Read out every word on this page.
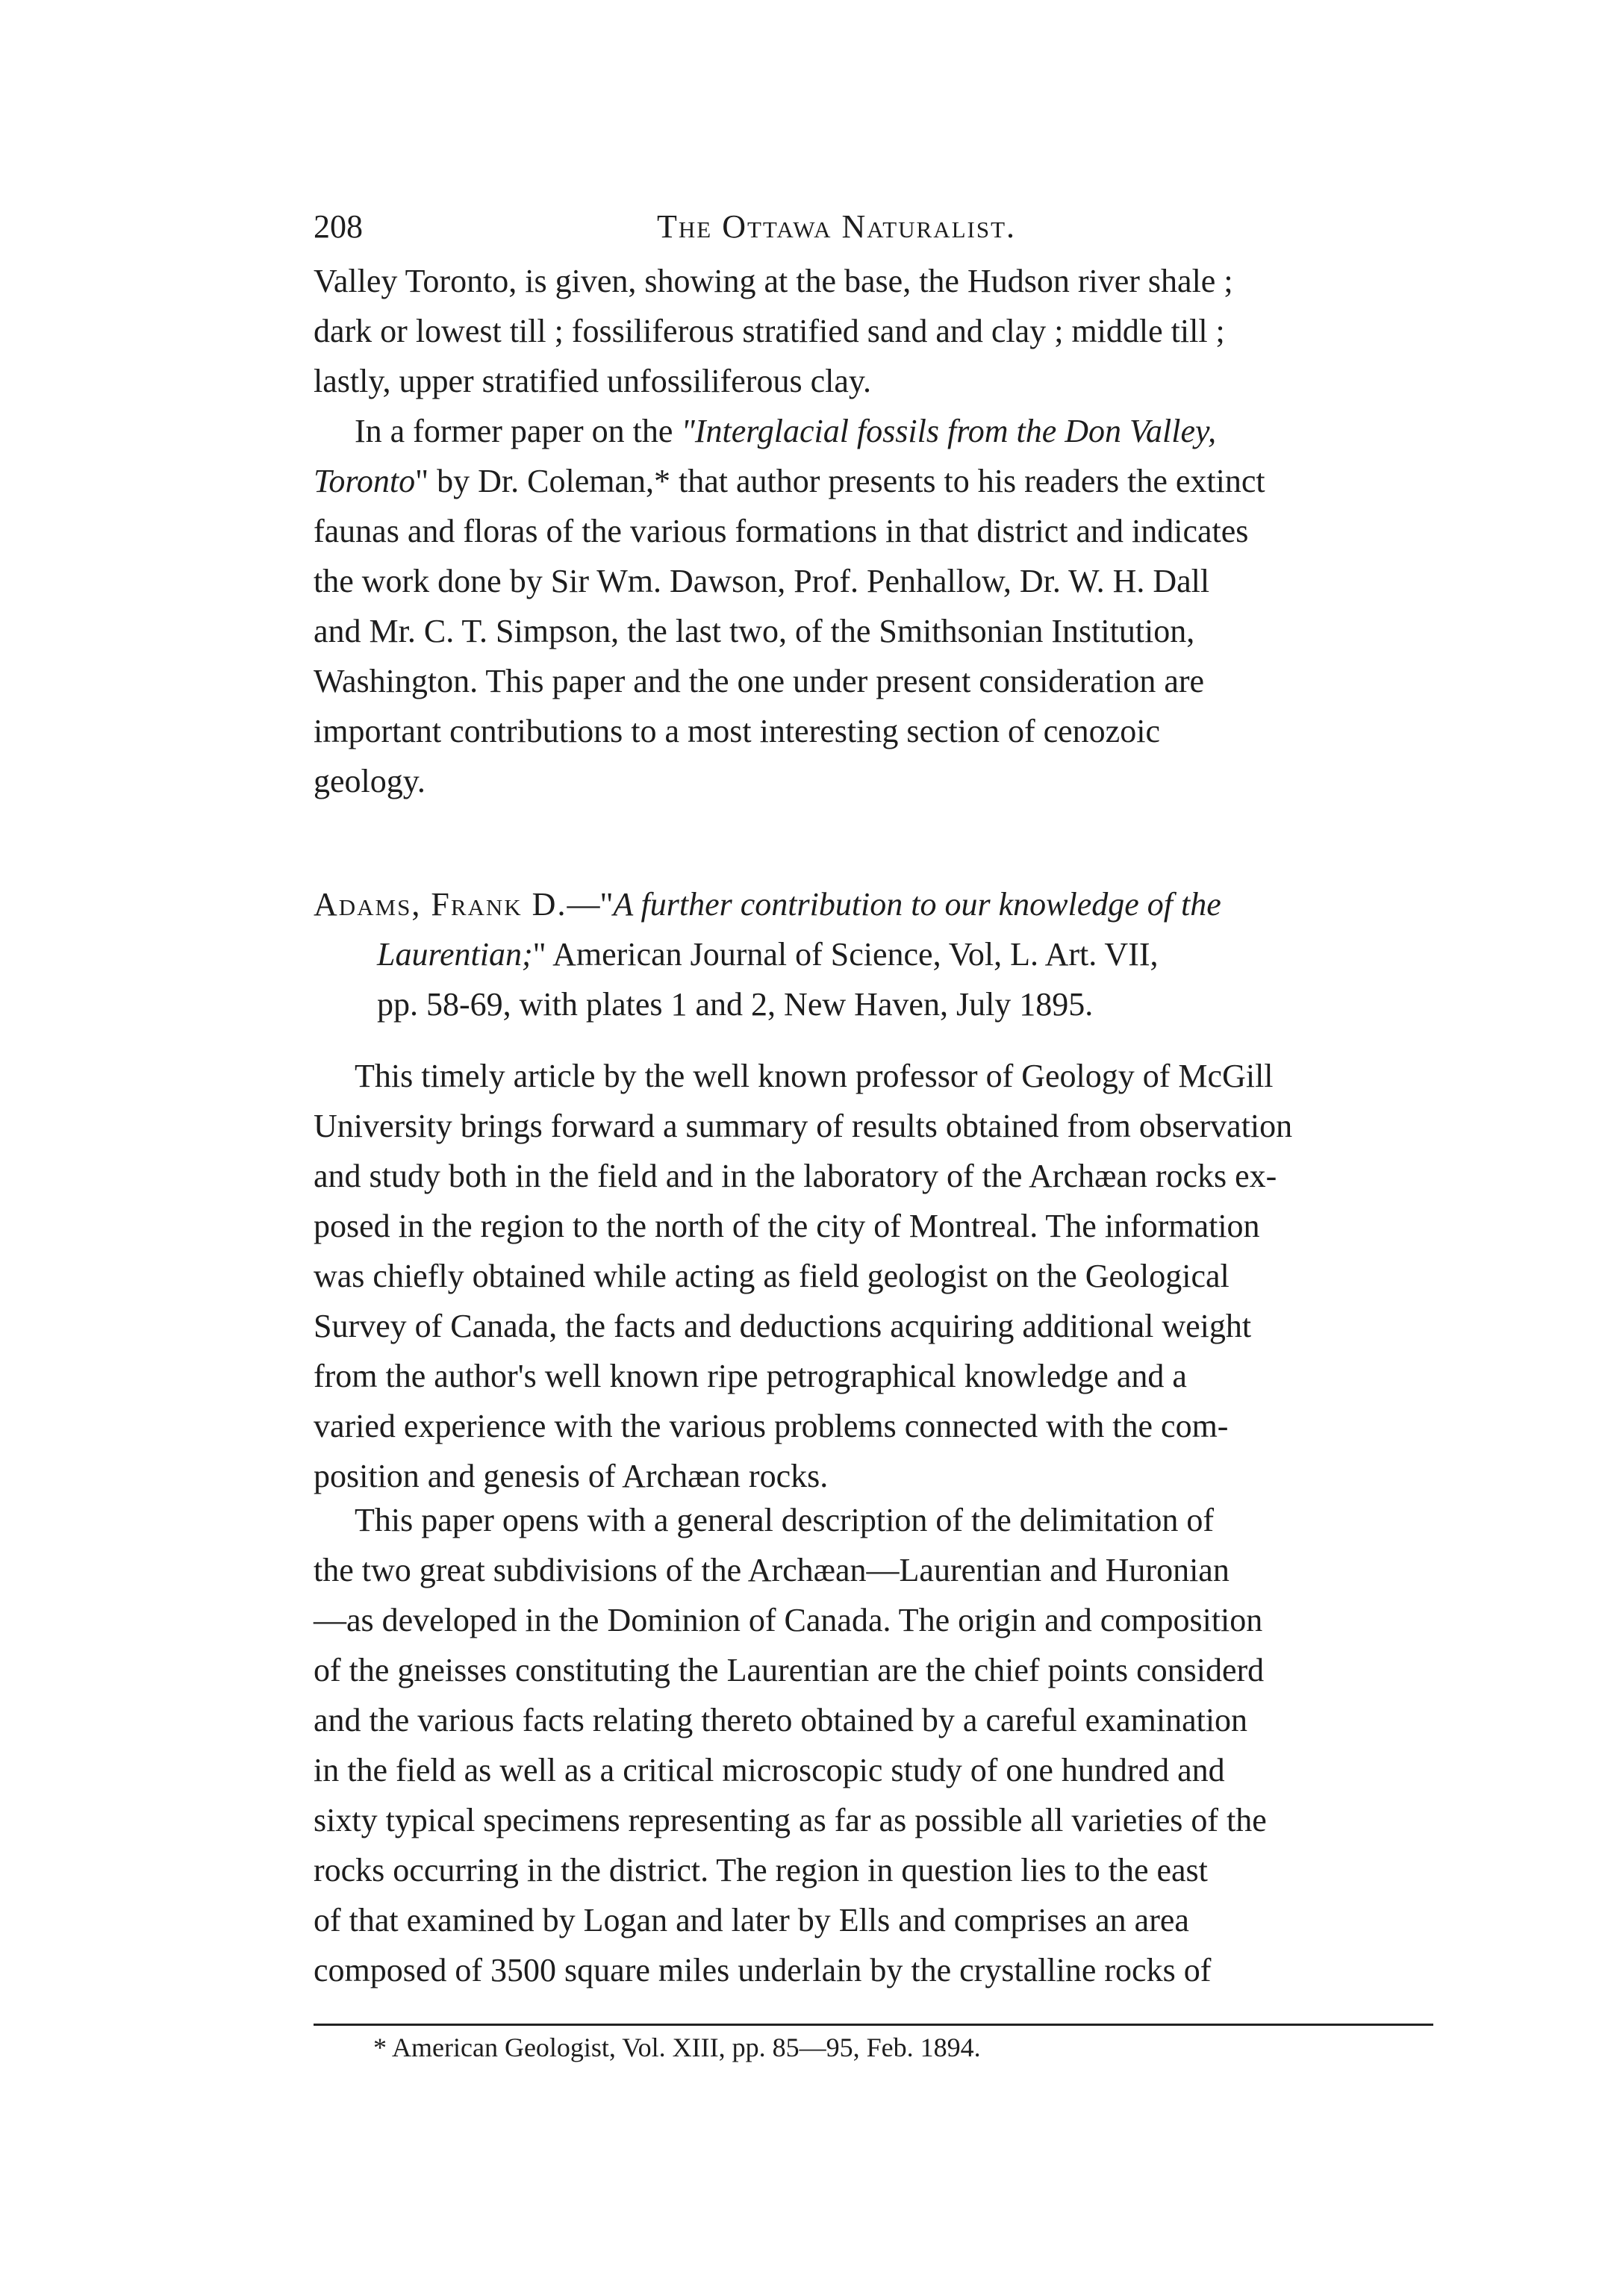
208	The Ottawa Naturalist.
Valley Toronto, is given, showing at the base, the Hudson river shale ;
dark or lowest till ; fossiliferous stratified sand and clay ; middle till ;
lastly, upper stratified unfossiliferous clay.
In a former paper on the "Interglacial fossils from the Don Valley,
Toronto " by Dr. Coleman,* that author presents to his readers the extinct
faunas and floras of the various formations in that district and indicates
the work done by Sir Wm. Dawson, Prof. Penhallow, Dr. W. H. Dall
and Mr. C. T. Simpson, the last two, of the Smithsonian Institution,
Washington. This paper and the one under present consideration are
important contributions to a most interesting section of cenozoic
geology.
Adams, Frank D. —" A further contribution to our knowledge of the
Laurentian; " American Journal of Science, Vol, L. Art. VII,
pp. 58-69, with plates 1 and 2, New Haven, July 1895.
This timely article by the well known professor of Geology of McGill
University brings forward a summary of results obtained from observation
and study both in the field and in the laboratory of the Archæan rocks ex-
posed in the region to the north of the city of Montreal. The information
was chiefly obtained while acting as field geologist on the Geological
Survey of Canada, the facts and deductions acquiring additional weight
from the author's well known ripe petrographical knowledge and a
varied experience with the various problems connected with the com-
position and genesis of Archæan rocks.
This paper opens with a general description of the delimitation of
the two great subdivisions of the Archæan—Laurentian and Huronian
—as developed in the Dominion of Canada. The origin and composition
of the gneisses constituting the Laurentian are the chief points considerd
and the various facts relating thereto obtained by a careful examination
in the field as well as a critical microscopic study of one hundred and
sixty typical specimens representing as far as possible all varieties of the
rocks occurring in the district. The region in question lies to the east
of that examined by Logan and later by Ells and comprises an area
composed of 3500 square miles underlain by the crystalline rocks of
* American Geologist, Vol. XIII, pp. 85—95, Feb. 1894.
